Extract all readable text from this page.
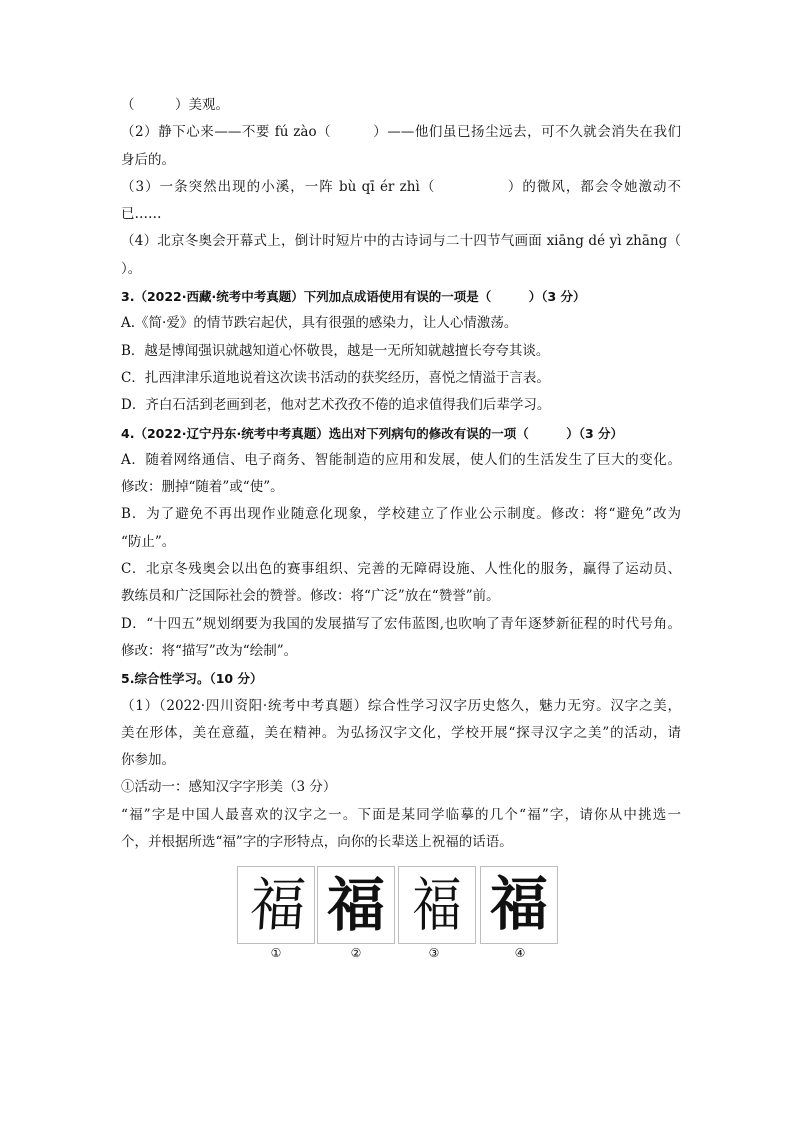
（　　　）美观。
（2）静下心来——不要 fú zào（　　　）——他们虽已扬尘远去，可不久就会消失在我们
身后的。
（3）一条突然出现的小溪，一阵 bù qī ér zhì（　　　　　）的微风，都会令她激动不
已……
（4）北京冬奥会开幕式上，倒计时短片中的古诗词与二十四节气画面 xiāng dé yì zhāng（
）。
3.（2022·西藏·统考中考真题）下列加点成语使用有误的一项是（　　　）（3 分）
A.《简·爱》的情节跌宕起伏，具有很强的感染力，让人心情激荡。
B．越是博闻强识就越知道心怀敬畏，越是一无所知就越擅长夸夸其谈。
C．扎西津津乐道地说着这次读书活动的获奖经历，喜悦之情溢于言表。
D．齐白石活到老画到老，他对艺术孜孜不倦的追求值得我们后辈学习。
4.（2022·辽宁丹东·统考中考真题）选出对下列病句的修改有误的一项（　　　）（3 分）
A．随着网络通信、电子商务、智能制造的应用和发展，使人们的生活发生了巨大的变化。
修改：删掉“随着”或“使”。
B．为了避免不再出现作业随意化现象，学校建立了作业公示制度。修改：将“避免”改为
“防止”。
C．北京冬残奥会以出色的赛事组织、完善的无障碍设施、人性化的服务，赢得了运动员、
教练员和广泛国际社会的赞誉。修改：将“广泛”放在“赞誉”前。
D．“十四五”规划纲要为我国的发展描写了宏伟蓝图,也吹响了青年逐梦新征程的时代号角。
修改：将“描写”改为“绘制”。
5.综合性学习。（10 分）
（1）（2022·四川资阳·统考中考真题）综合性学习汉字历史悠久，魅力无穷。汉字之美，
美在形体，美在意蕴，美在精神。为弘扬汉字文化，学校开展“探寻汉字之美”的活动，请
你参加。
①活动一：感知汉字字形美（3 分）
“福”字是中国人最喜欢的汉字之一。下面是某同学临摹的几个“福”字，请你从中挑选一
个，并根据所选“福”字的字形特点，向你的长辈送上祝福的话语。
福 福 福 福
①	②	③	④
